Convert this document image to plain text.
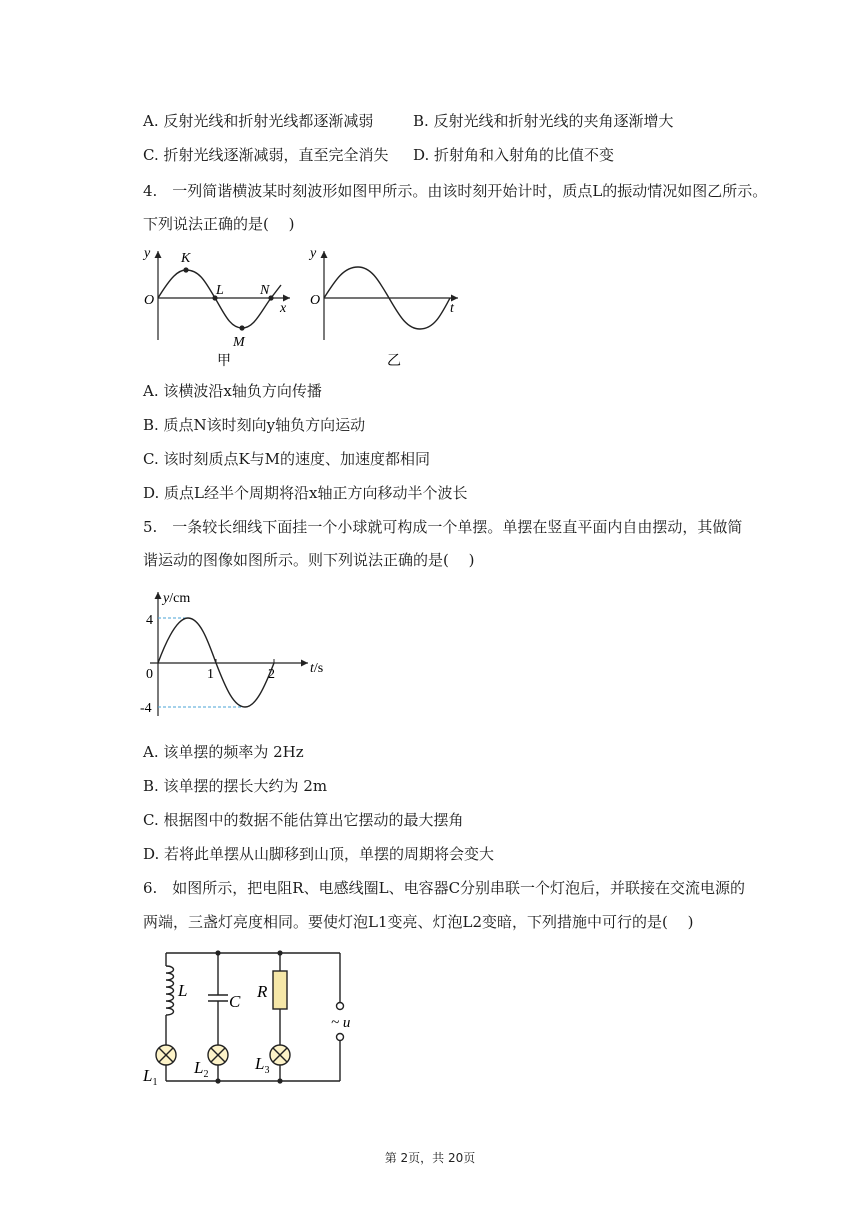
A. 反射光线和折射光线都逐渐减弱	B. 反射光线和折射光线的夹角逐渐增大
C. 折射光线逐渐减弱，直至完全消失 D. 折射角和入射角的比值不变
4.　一列简谐横波某时刻波形如图甲所示。由该时刻开始计时，质点L的振动情况如图乙所示。
下列说法正确的是(　 )
y
O
x
K
L	N
M
甲
y
O
t
乙
A. 该横波沿x轴负方向传播
B. 质点N该时刻向y轴负方向运动
C. 该时刻质点K与M的速度、加速度都相同
D. 质点L经半个周期将沿x轴正方向移动半个波长
5.　一条较长细线下面挂一个小球就可构成一个单摆。单摆在竖直平面内自由摆动，其做简
谐运动的图像如图所示。则下列说法正确的是(　 )
y/cm
4
-4
0	1	2	t/s
A. 该单摆的频率为 2Hz
B. 该单摆的摆长大约为 2m
C. 根据图中的数据不能估算出它摆动的最大摆角
D. 若将此单摆从山脚移到山顶，单摆的周期将会变大
6.　如图所示，把电阻R、电感线圈L、电容器C分别串联一个灯泡后，并联接在交流电源的
两端，三盏灯亮度相同。要使灯泡L1变亮、灯泡L2变暗，下列措施中可行的是(　 )
L
C
R
~ u
$L_1$
$L_2$
$L_3$
第 2页，共 20页
